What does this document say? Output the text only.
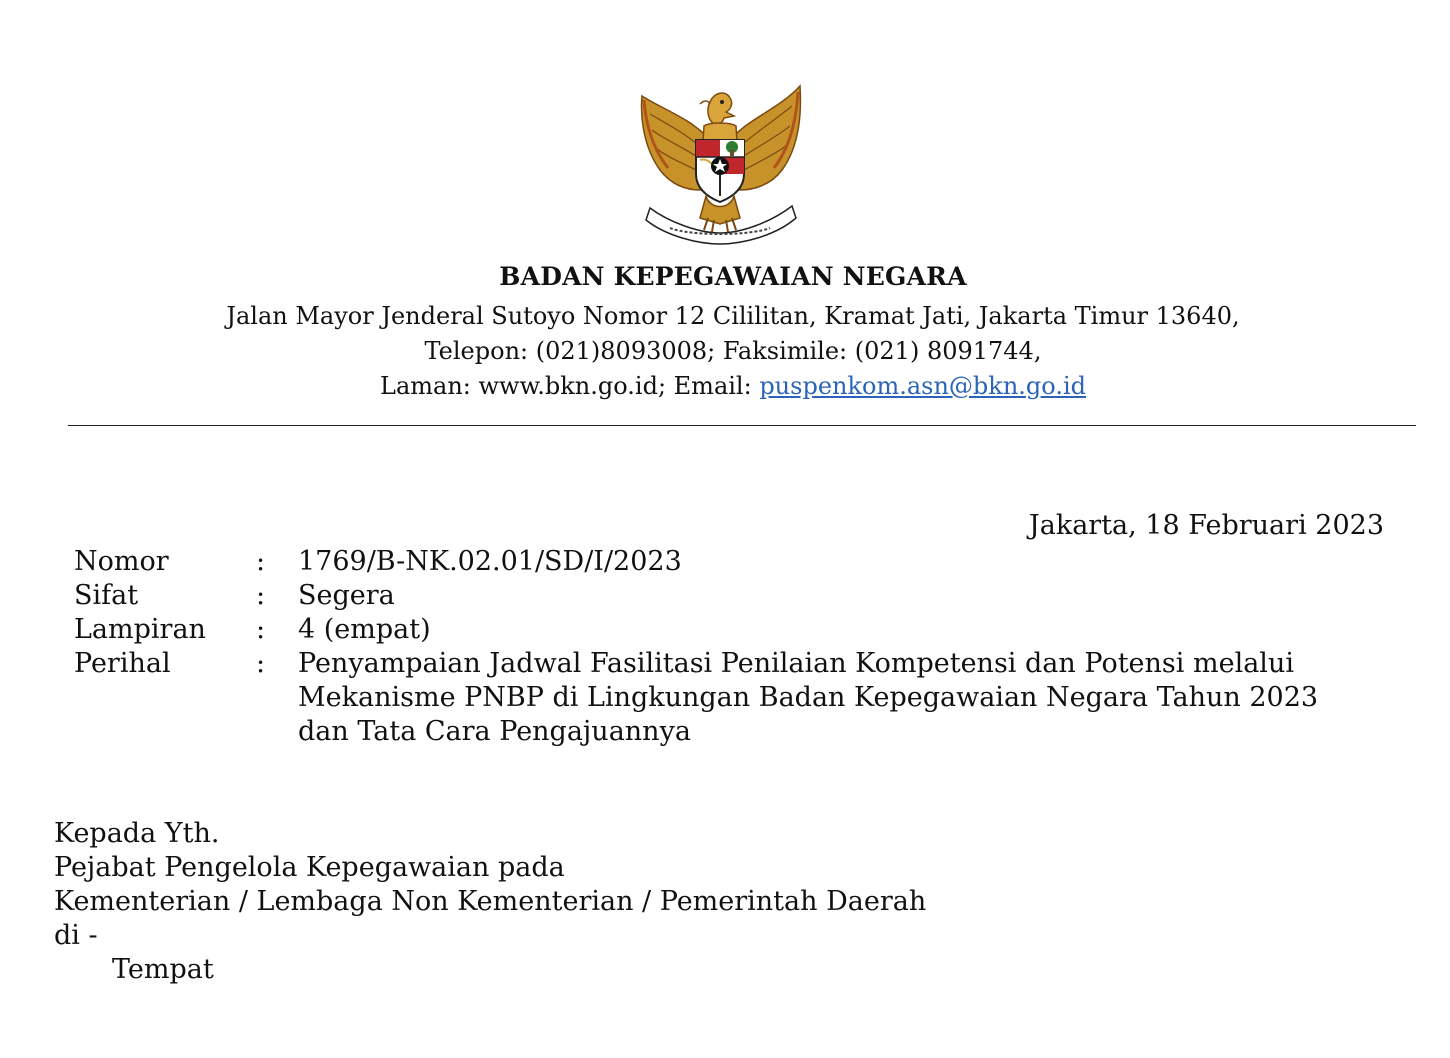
BADAN KEPEGAWAIAN NEGARA
Jalan Mayor Jenderal Sutoyo Nomor 12 Cililitan, Kramat Jati, Jakarta Timur 13640,
Telepon: (021)8093008; Faksimile: (021) 8091744,
Laman: www.bkn.go.id; Email: puspenkom.asn@bkn.go.id
Jakarta, 18 Februari 2023
Nomor	:	1769/B-NK.02.01/SD/I/2023
Sifat	:	Segera
Lampiran	:	4 (empat)
Perihal	:	Penyampaian Jadwal Fasilitasi Penilaian Kompetensi dan Potensi melalui
Mekanisme PNBP di Lingkungan Badan Kepegawaian Negara Tahun 2023
dan Tata Cara Pengajuannya
Kepada Yth.
Pejabat Pengelola Kepegawaian pada
Kementerian / Lembaga Non Kementerian / Pemerintah Daerah
di -
Tempat
